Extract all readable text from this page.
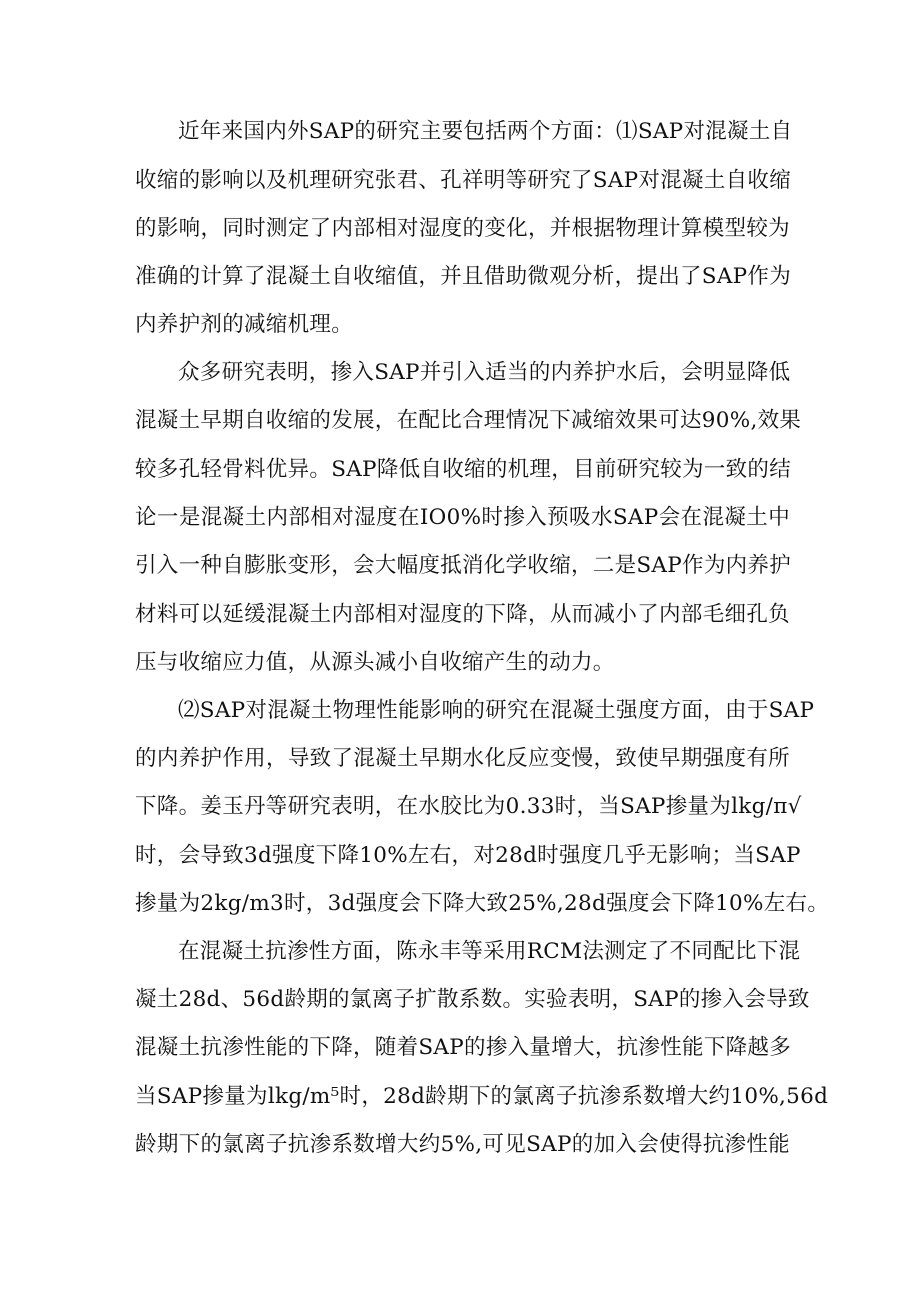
近年来国内外SAP的研究主要包括两个方面：⑴SAP对混凝土自
收缩的影响以及机理研究张君、孔祥明等研究了SAP对混凝土自收缩
的影响，同时测定了内部相对湿度的变化，并根据物理计算模型较为
准确的计算了混凝土自收缩值，并且借助微观分析，提出了SAP作为
内养护剂的减缩机理。
众多研究表明，掺入SAP并引入适当的内养护水后，会明显降低
混凝土早期自收缩的发展，在配比合理情况下减缩效果可达90%,效果
较多孔轻骨料优异。SAP降低自收缩的机理，目前研究较为一致的结
论一是混凝土内部相对湿度在IO0%时掺入预吸水SAP会在混凝土中
引入一种自膨胀变形，会大幅度抵消化学收缩，二是SAP作为内养护
材料可以延缓混凝土内部相对湿度的下降，从而减小了内部毛细孔负
压与收缩应力值，从源头减小自收缩产生的动力。
⑵SAP对混凝土物理性能影响的研究在混凝土强度方面，由于SAP
的内养护作用，导致了混凝土早期水化反应变慢，致使早期强度有所
下降。姜玉丹等研究表明，在水胶比为0.33时，当SAP掺量为lkg∕π√
时，会导致3d强度下降10%左右，对28d时强度几乎无影响；当SAP
掺量为2kg∕m3时，3d强度会下降大致25%,28d强度会下降10%左右。
在混凝土抗渗性方面，陈永丰等采用RCM法测定了不同配比下混
凝土28d、56d龄期的氯离子扩散系数。实验表明，SAP的掺入会导致
混凝土抗渗性能的下降，随着SAP的掺入量增大，抗渗性能下降越多
当SAP掺量为lkg∕m⁵时，28d龄期下的氯离子抗渗系数增大约10%,56d
龄期下的氯离子抗渗系数增大约5%,可见SAP的加入会使得抗渗性能
